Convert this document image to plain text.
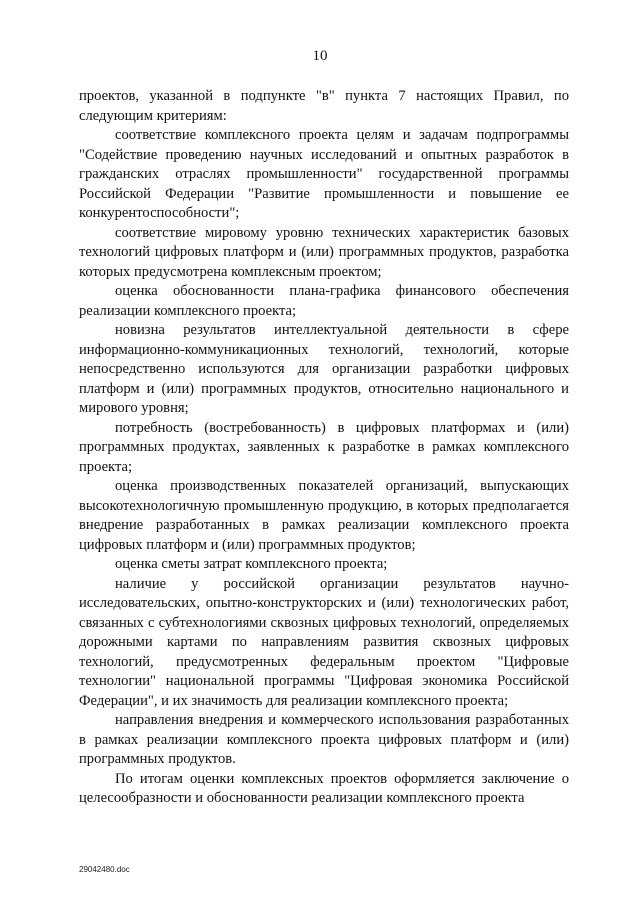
10

проектов, указанной в подпункте "в" пункта 7 настоящих Правил, по следующим критериям:

соответствие комплексного проекта целям и задачам подпрограммы "Содействие проведению научных исследований и опытных разработок в гражданских отраслях промышленности" государственной программы Российской Федерации "Развитие промышленности и повышение ее конкурентоспособности";

соответствие мировому уровню технических характеристик базовых технологий цифровых платформ и (или) программных продуктов, разработка которых предусмотрена комплексным проектом;

оценка обоснованности плана-графика финансового обеспечения реализации комплексного проекта;

новизна результатов интеллектуальной деятельности в сфере информационно-коммуникационных технологий, технологий, которые непосредственно используются для организации разработки цифровых платформ и (или) программных продуктов, относительно национального и мирового уровня;

потребность (востребованность) в цифровых платформах и (или) программных продуктах, заявленных к разработке в рамках комплексного проекта;

оценка производственных показателей организаций, выпускающих высокотехнологичную промышленную продукцию, в которых предполагается внедрение разработанных в рамках реализации комплексного проекта цифровых платформ и (или) программных продуктов;

оценка сметы затрат комплексного проекта;

наличие у российской организации результатов научно-исследовательских, опытно-конструкторских и (или) технологических работ, связанных с субтехнологиями сквозных цифровых технологий, определяемых дорожными картами по направлениям развития сквозных цифровых технологий, предусмотренных федеральным проектом "Цифровые технологии" национальной программы "Цифровая экономика Российской Федерации", и их значимость для реализации комплексного проекта;

направления внедрения и коммерческого использования разработанных в рамках реализации комплексного проекта цифровых платформ и (или) программных продуктов.

По итогам оценки комплексных проектов оформляется заключение о целесообразности и обоснованности реализации комплексного проекта

29042480.doc
